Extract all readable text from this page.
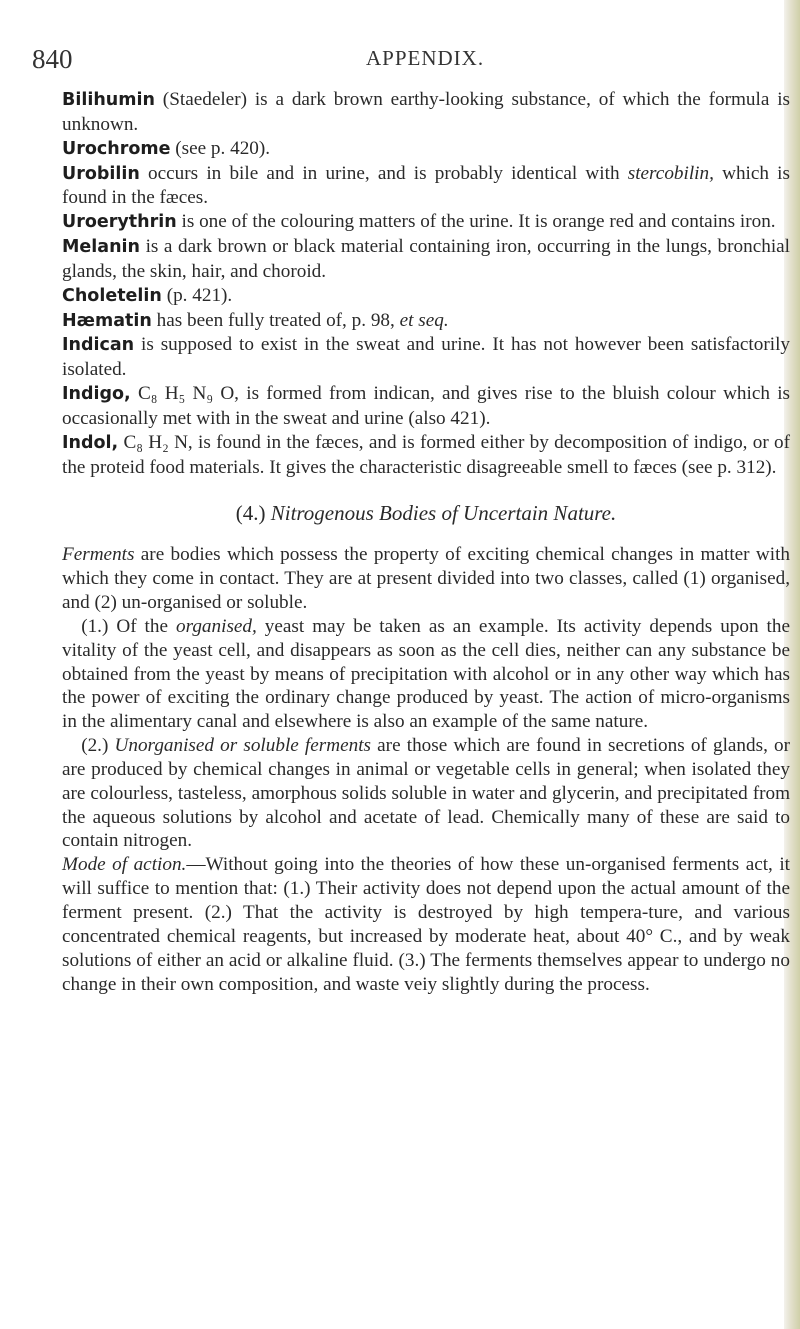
840	APPENDIX.

Bilihumin (Staedeler) is a dark brown earthy-looking substance, of which the formula is unknown.

Urochrome (see p. 420).

Urobilin occurs in bile and in urine, and is probably identical with stercobilin, which is found in the fæces.

Uroerythrin is one of the colouring matters of the urine. It is orange red and contains iron.

Melanin is a dark brown or black material containing iron, occurring in the lungs, bronchial glands, the skin, hair, and choroid.

Choletelin (p. 421).

Hæmatin has been fully treated of, p. 98, et seq.

Indican is supposed to exist in the sweat and urine. It has not however been satisfactorily isolated.

Indigo, C₈ H₅ N₉ O, is formed from indican, and gives rise to the bluish colour which is occasionally met with in the sweat and urine (also 421).

Indol, C₈ H₂ N, is found in the fæces, and is formed either by decomposition of indigo, or of the proteid food materials. It gives the characteristic disagreeable smell to fæces (see p. 312).

(4.) Nitrogenous Bodies of Uncertain Nature.

Ferments are bodies which possess the property of exciting chemical changes in matter with which they come in contact. They are at present divided into two classes, called (1) organised, and (2) un-organised or soluble.

 (1.) Of the organised, yeast may be taken as an example. Its activity depends upon the vitality of the yeast cell, and disappears as soon as the cell dies, neither can any substance be obtained from the yeast by means of precipitation with alcohol or in any other way which has the power of exciting the ordinary change produced by yeast. The action of micro-organisms in the alimentary canal and elsewhere is also an example of the same nature.

 (2.) Unorganised or soluble ferments are those which are found in secretions of glands, or are produced by chemical changes in animal or vegetable cells in general; when isolated they are colourless, tasteless, amorphous solids soluble in water and glycerin, and precipitated from the aqueous solutions by alcohol and acetate of lead. Chemically many of these are said to contain nitrogen.

Mode of action.—Without going into the theories of how these un-organised ferments act, it will suffice to mention that: (1.) Their activity does not depend upon the actual amount of the ferment present. (2.) That the activity is destroyed by high tempera-ture, and various concentrated chemical reagents, but increased by moderate heat, about 40° C., and by weak solutions of either an acid or alkaline fluid. (3.) The ferments themselves appear to undergo no change in their own composition, and waste veiy slightly during the process.
